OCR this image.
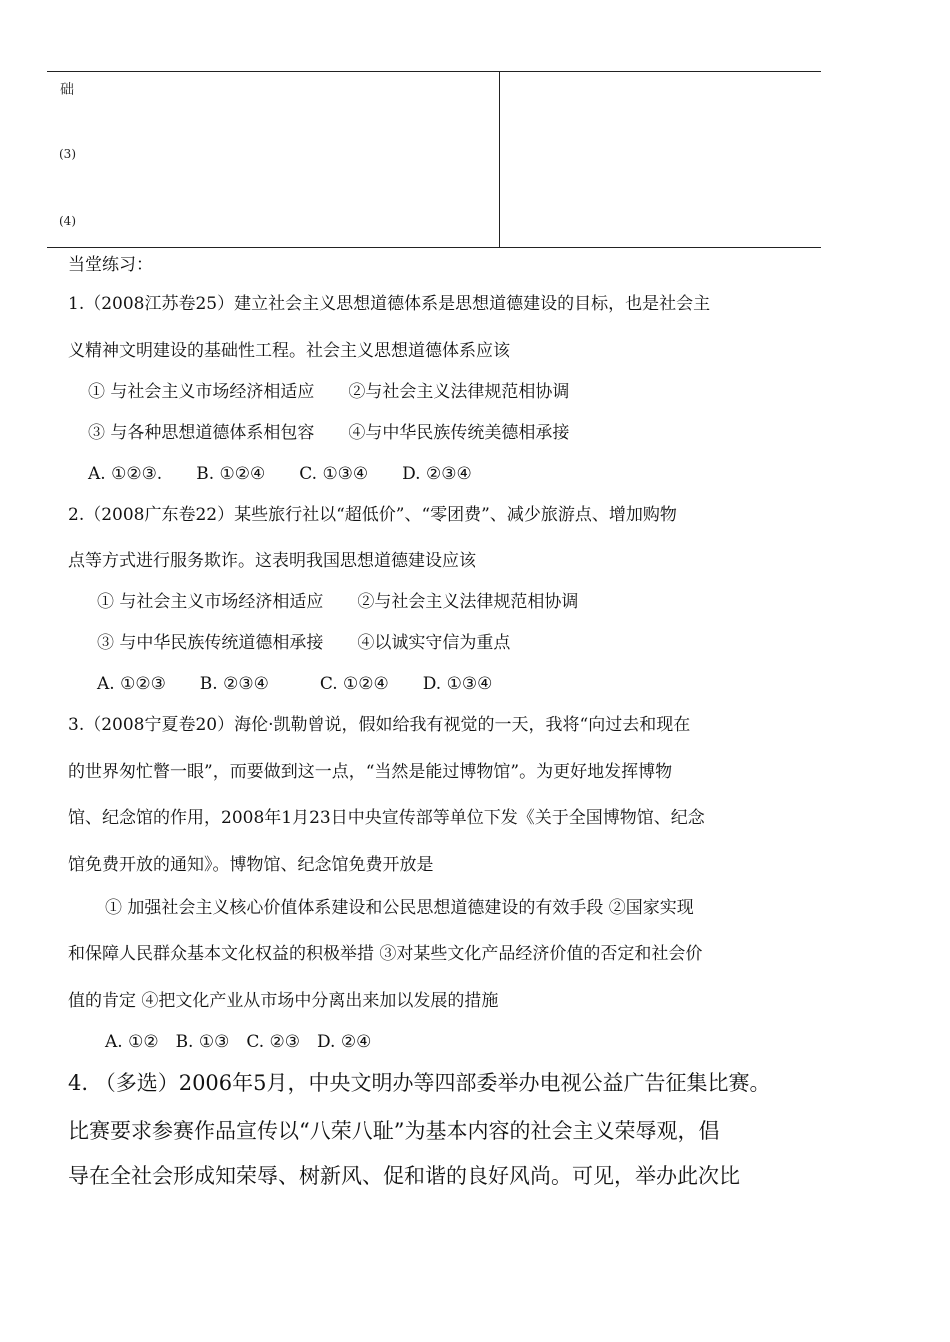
础
(3)
(4)
当堂练习：
1.（2008江苏卷25）建立社会主义思想道德体系是思想道德建设的目标，也是社会主
义精神文明建设的基础性工程。社会主义思想道德体系应该
① 与社会主义市场经济相适应　　②与社会主义法律规范相协调
③ 与各种思想道德体系相包容　　④与中华民族传统美德相承接
A. ①②③.　　B. ①②④　　C. ①③④　　D. ②③④
2.（2008广东卷22）某些旅行社以“超低价”、“零团费”、减少旅游点、增加购物
点等方式进行服务欺诈。这表明我国思想道德建设应该
① 与社会主义市场经济相适应　　②与社会主义法律规范相协调
③ 与中华民族传统道德相承接　　④以诚实守信为重点
A. ①②③　　B. ②③④　　　C. ①②④　　D. ①③④
3.（2008宁夏卷20）海伦·凯勒曾说，假如给我有视觉的一天，我将“向过去和现在
的世界匆忙瞥一眼”，而要做到这一点，“当然是能过博物馆”。为更好地发挥博物
馆、纪念馆的作用，2008年1月23日中央宣传部等单位下发《关于全国博物馆、纪念
馆免费开放的通知》。博物馆、纪念馆免费开放是
① 加强社会主义核心价值体系建设和公民思想道德建设的有效手段 ②国家实现
和保障人民群众基本文化权益的积极举措 ③对某些文化产品经济价值的否定和社会价
值的肯定 ④把文化产业从市场中分离出来加以发展的措施
A. ①②　B. ①③　C. ②③　D. ②④
4. （多选）2006年5月，中央文明办等四部委举办电视公益广告征集比赛。
比赛要求参赛作品宣传以“八荣八耻”为基本内容的社会主义荣辱观，倡
导在全社会形成知荣辱、树新风、促和谐的良好风尚。可见，举办此次比
